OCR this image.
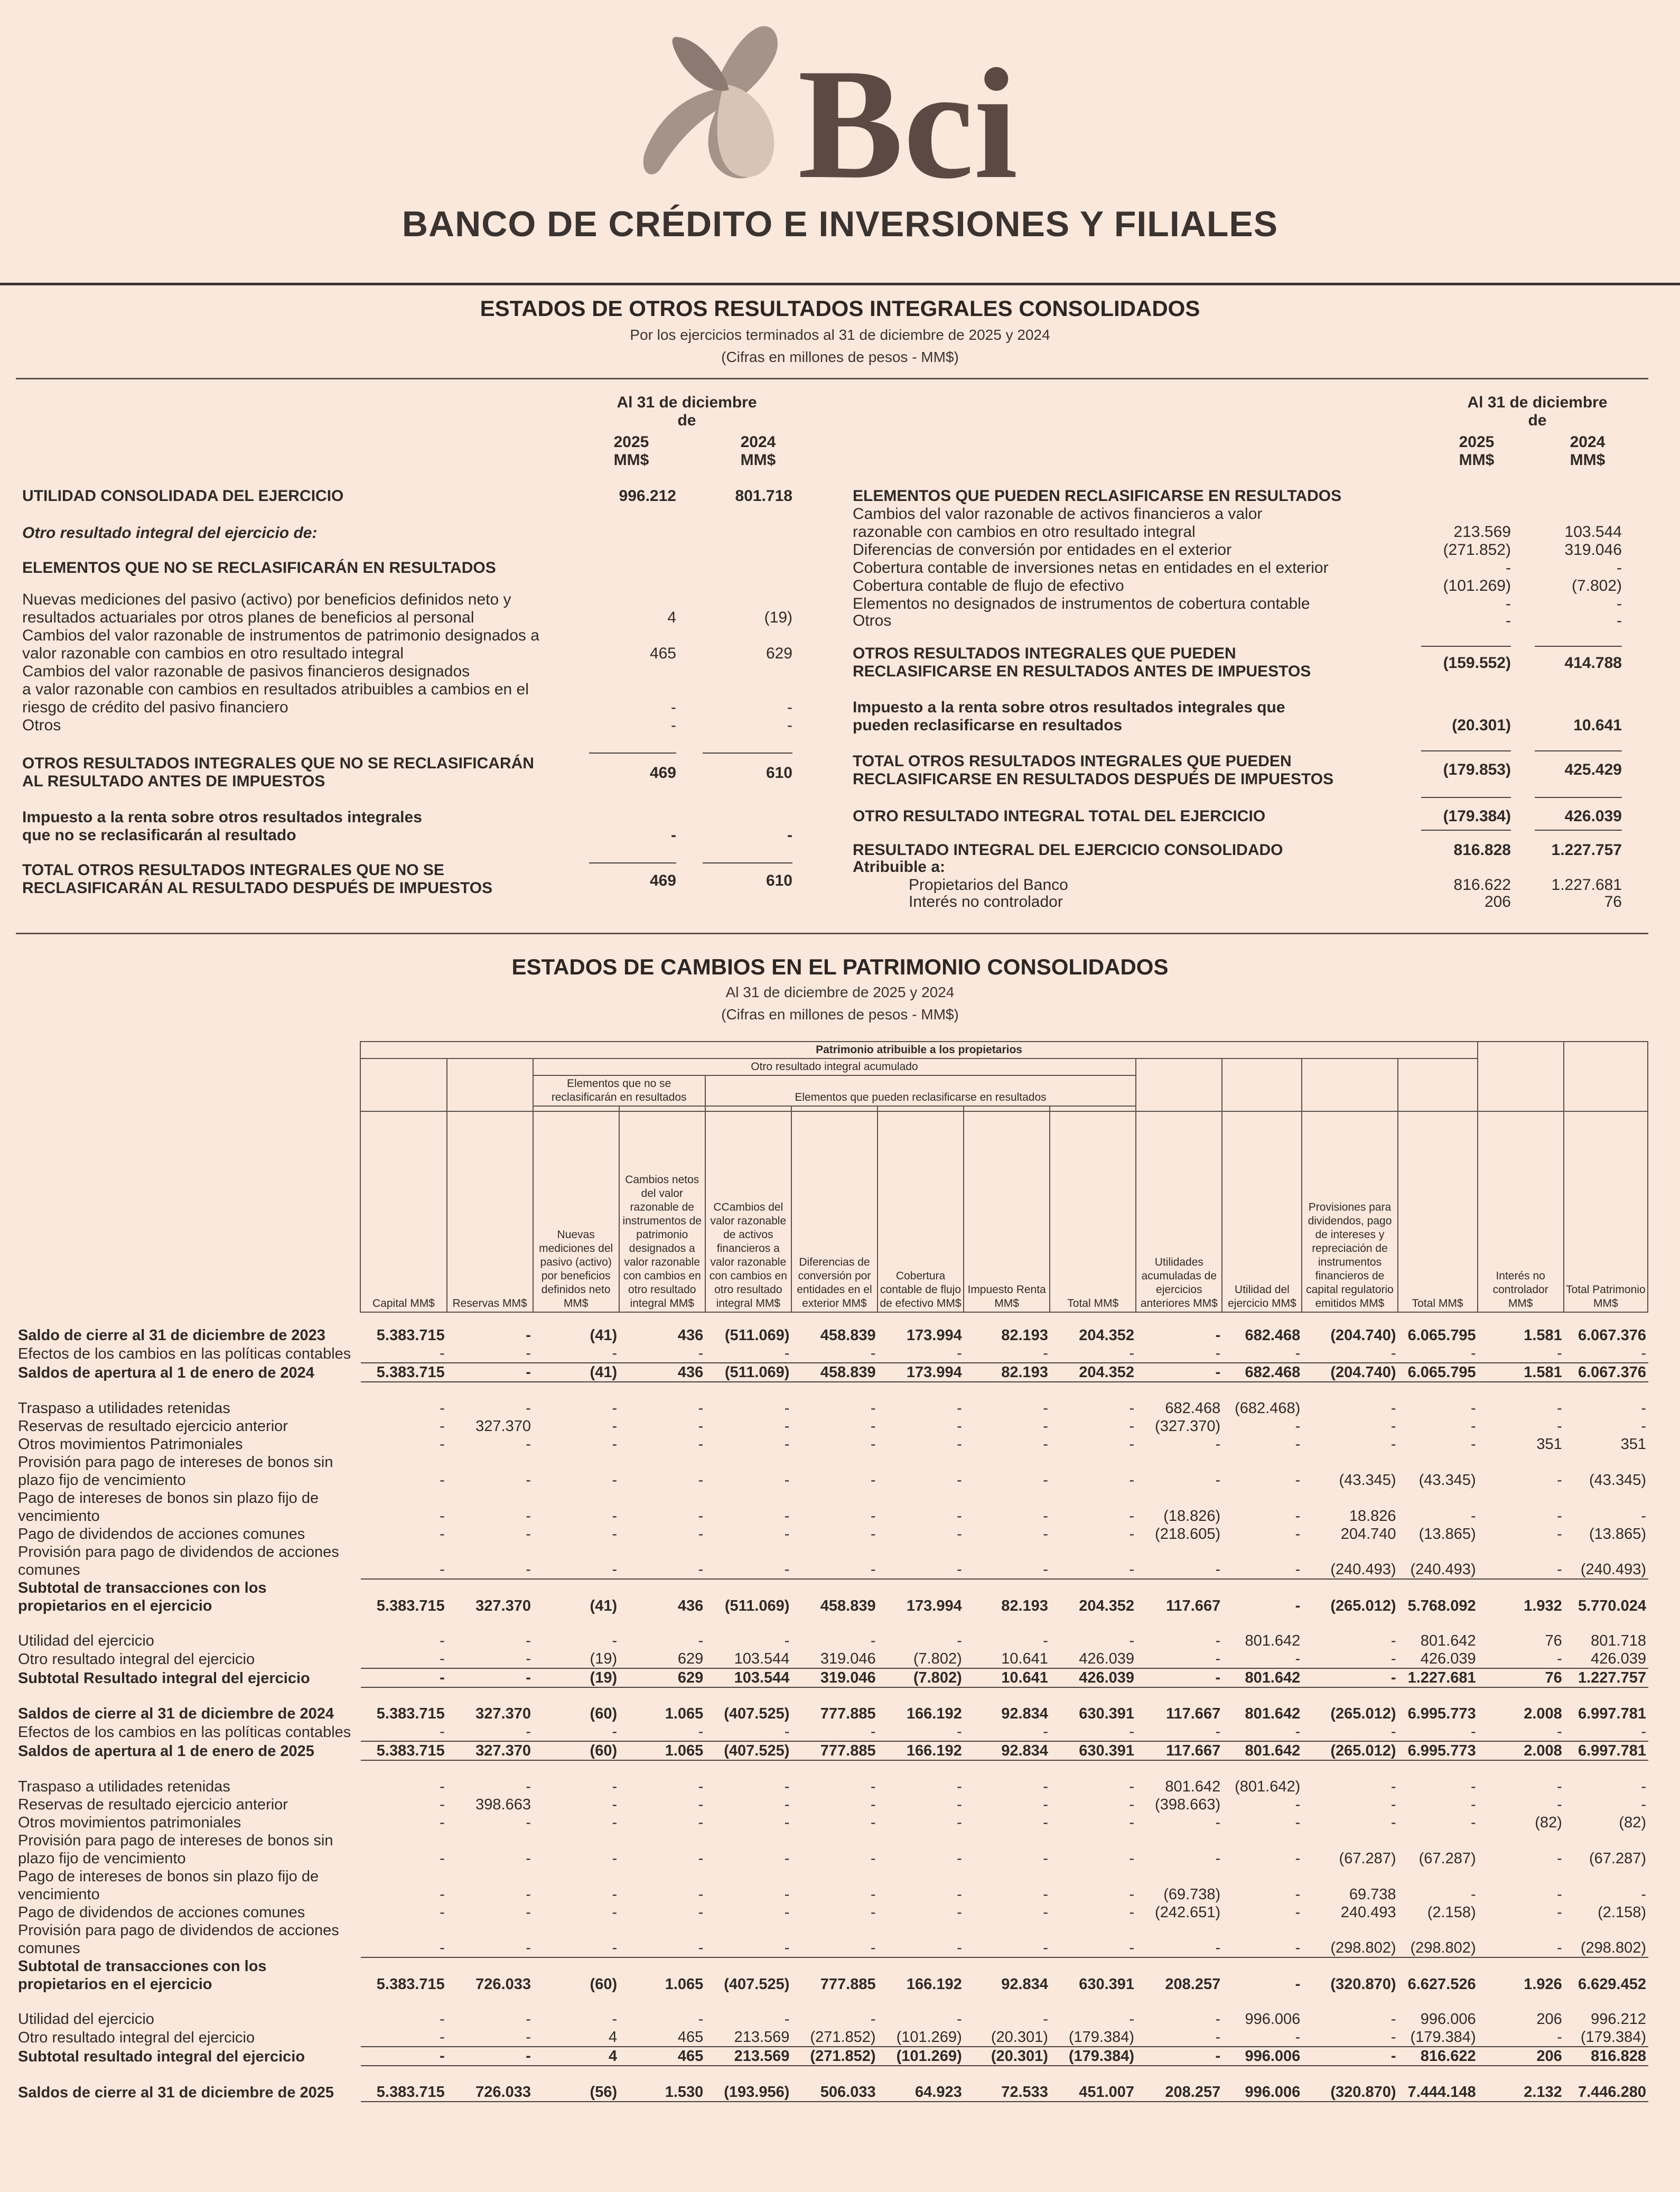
Bci
BANCO DE CRÉDITO E INVERSIONES Y FILIALES
ESTADOS DE OTROS RESULTADOS INTEGRALES CONSOLIDADOS
Por los ejercicios terminados al 31 de diciembre de 2025 y 2024
(Cifras en millones de pesos - MM$)
Al 31 de diciembre de
2025	2024
MM$	MM$
Al 31 de diciembre de
2025	2024
MM$	MM$
UTILIDAD CONSOLIDADA DEL EJERCICIO	996.212	801.718
Otro resultado integral del ejercicio de:
ELEMENTOS QUE NO SE RECLASIFICARÁN EN RESULTADOS
Nuevas mediciones del pasivo (activo) por beneficios definidos neto y
resultados actuariales por otros planes de beneficios al personal	4	(19)
Cambios del valor razonable de instrumentos de patrimonio designados a
valor razonable con cambios en otro resultado integral	465	629
Cambios del valor razonable de pasivos financieros designados
a valor razonable con cambios en resultados atribuibles a cambios en el
riesgo de crédito del pasivo financiero	-	-
Otros	-	-
OTROS RESULTADOS INTEGRALES QUE NO SE RECLASIFICARÁN
AL RESULTADO ANTES DE IMPUESTOS	469	610
Impuesto a la renta sobre otros resultados integrales
que no se reclasificarán al resultado	-	-
TOTAL OTROS RESULTADOS INTEGRALES QUE NO SE
RECLASIFICARÁN AL RESULTADO DESPUÉS DE IMPUESTOS	469	610
ELEMENTOS QUE PUEDEN RECLASIFICARSE EN RESULTADOS
Cambios del valor razonable de activos financieros a valor
razonable con cambios en otro resultado integral	213.569	103.544
Diferencias de conversión por entidades en el exterior	(271.852)	319.046
Cobertura contable de inversiones netas en entidades en el exterior	-	-
Cobertura contable de flujo de efectivo	(101.269)	(7.802)
Elementos no designados de instrumentos de cobertura contable	-	-
Otros	-	-
OTROS RESULTADOS INTEGRALES QUE PUEDEN
RECLASIFICARSE EN RESULTADOS ANTES DE IMPUESTOS	(159.552)	414.788
Impuesto a la renta sobre otros resultados integrales que
pueden reclasificarse en resultados	(20.301)	10.641
TOTAL OTROS RESULTADOS INTEGRALES QUE PUEDEN
RECLASIFICARSE EN RESULTADOS DESPUÉS DE IMPUESTOS
(179.853)	425.429
OTRO RESULTADO INTEGRAL TOTAL DEL EJERCICIO	(179.384)	426.039
RESULTADO INTEGRAL DEL EJERCICIO CONSOLIDADO	816.828	1.227.757
Atribuible a:
Propietarios del Banco	816.622	1.227.681
Interés no controlador	206	76
ESTADOS DE CAMBIOS EN EL PATRIMONIO CONSOLIDADOS
Al 31 de diciembre de 2025 y 2024
(Cifras en millones de pesos - MM$)
	Patrimonio atribuible a los propietarios														
			Otro resultado integral acumulado												
			Elementos que no se reclasificarán en resultados		Elementos que pueden reclasificarse en resultados										

	Capital MM$	Reservas MM$	Nuevas mediciones del pasivo (activo) por beneficios definidos neto MM$	Cambios netos del valor razonable de instrumentos de patrimonio designados a valor razonable con cambios en otro resultado integral MM$	CCambios del valor razonable de activos financieros a valor razonable con cambios en otro resultado integral MM$	Diferencias de conversión por entidades en el exterior MM$	Cobertura contable de flujo de efectivo MM$	Impuesto Renta MM$	Total MM$	Utilidades acumuladas de ejercicios anteriores MM$	Utilidad del ejercicio MM$	Provisiones para dividendos, pago de intereses y repreciación de instrumentos financieros de capital regulatorio emitidos MM$	Total MM$	Interés no controlador MM$	Total Patrimonio MM$
Saldo de cierre al 31 de diciembre de 2023	5.383.715	-	(41)	436	(511.069)	458.839	173.994	82.193	204.352	-	682.468	(204.740)	6.065.795	1.581	6.067.376
Efectos de los cambios en las políticas contables	-	-	-	-	-	-	-	-	-	-	-	-	-	-	-
Saldos de apertura al 1 de enero de 2024	5.383.715	-	(41)	436	(511.069)	458.839	173.994	82.193	204.352	-	682.468	(204.740)	6.065.795	1.581	6.067.376

Traspaso a utilidades retenidas	-	-	-	-	-	-	-	-	-	682.468	(682.468)	-	-	-	-
Reservas de resultado ejercicio anterior	-	327.370	-	-	-	-	-	-	-	(327.370)	-	-	-	-	-
Otros movimientos Patrimoniales	-	-	-	-	-	-	-	-	-	-	-	-	-	351	351
Provisión para pago de intereses de bonos sin plazo fijo de vencimiento	-	-	-	-	-	-	-	-	-	-	-	(43.345)	(43.345)	-	(43.345)
Pago de intereses de bonos sin plazo fijo de vencimiento	-	-	-	-	-	-	-	-	-	(18.826)	-	18.826	-	-	-
Pago de dividendos de acciones comunes	-	-	-	-	-	-	-	-	-	(218.605)	-	204.740	(13.865)	-	(13.865)
Provisión para pago de dividendos de acciones comunes	-	-	-	-	-	-	-	-	-	-	-	(240.493)	(240.493)	-	(240.493)
Subtotal de transacciones con los propietarios en el ejercicio	5.383.715	327.370	(41)	436	(511.069)	458.839	173.994	82.193	204.352	117.667	-	(265.012)	5.768.092	1.932	5.770.024

Utilidad del ejercicio	-	-	-	-	-	-	-	-	-	-	801.642	-	801.642	76	801.718
Otro resultado integral del ejercicio	-	-	(19)	629	103.544	319.046	(7.802)	10.641	426.039	-	-	-	426.039	-	426.039
Subtotal Resultado integral del ejercicio	-	-	(19)	629	103.544	319.046	(7.802)	10.641	426.039	-	801.642	-	1.227.681	76	1.227.757

Saldos de cierre al 31 de diciembre de 2024	5.383.715	327.370	(60)	1.065	(407.525)	777.885	166.192	92.834	630.391	117.667	801.642	(265.012)	6.995.773	2.008	6.997.781
Efectos de los cambios en las políticas contables	-	-	-	-	-	-	-	-	-	-	-	-	-	-	-
Saldos de apertura al 1 de enero de 2025	5.383.715	327.370	(60)	1.065	(407.525)	777.885	166.192	92.834	630.391	117.667	801.642	(265.012)	6.995.773	2.008	6.997.781

Traspaso a utilidades retenidas	-	-	-	-	-	-	-	-	-	801.642	(801.642)	-	-	-	-
Reservas de resultado ejercicio anterior	-	398.663	-	-	-	-	-	-	-	(398.663)	-	-	-	-	-
Otros movimientos patrimoniales	-	-	-	-	-	-	-	-	-	-	-	-	-	(82)	(82)
Provisión para pago de intereses de bonos sin plazo fijo de vencimiento	-	-	-	-	-	-	-	-	-	-	-	(67.287)	(67.287)	-	(67.287)
Pago de intereses de bonos sin plazo fijo de vencimiento	-	-	-	-	-	-	-	-	-	(69.738)	-	69.738	-	-	-
Pago de dividendos de acciones comunes	-	-	-	-	-	-	-	-	-	(242.651)	-	240.493	(2.158)	-	(2.158)
Provisión para pago de dividendos de acciones comunes	-	-	-	-	-	-	-	-	-	-	-	(298.802)	(298.802)	-	(298.802)
Subtotal de transacciones con los propietarios en el ejercicio	5.383.715	726.033	(60)	1.065	(407.525)	777.885	166.192	92.834	630.391	208.257	-	(320.870)	6.627.526	1.926	6.629.452

Utilidad del ejercicio	-	-	-	-	-	-	-	-	-	-	996.006	-	996.006	206	996.212
Otro resultado integral del ejercicio	-	-	4	465	213.569	(271.852)	(101.269)	(20.301)	(179.384)	-	-	-	(179.384)	-	(179.384)
Subtotal resultado integral del ejercicio	-	-	4	465	213.569	(271.852)	(101.269)	(20.301)	(179.384)	-	996.006	-	816.622	206	816.828

Saldos de cierre al 31 de diciembre de 2025	5.383.715	726.033	(56)	1.530	(193.956)	506.033	64.923	72.533	451.007	208.257	996.006	(320.870)	7.444.148	2.132	7.446.280
